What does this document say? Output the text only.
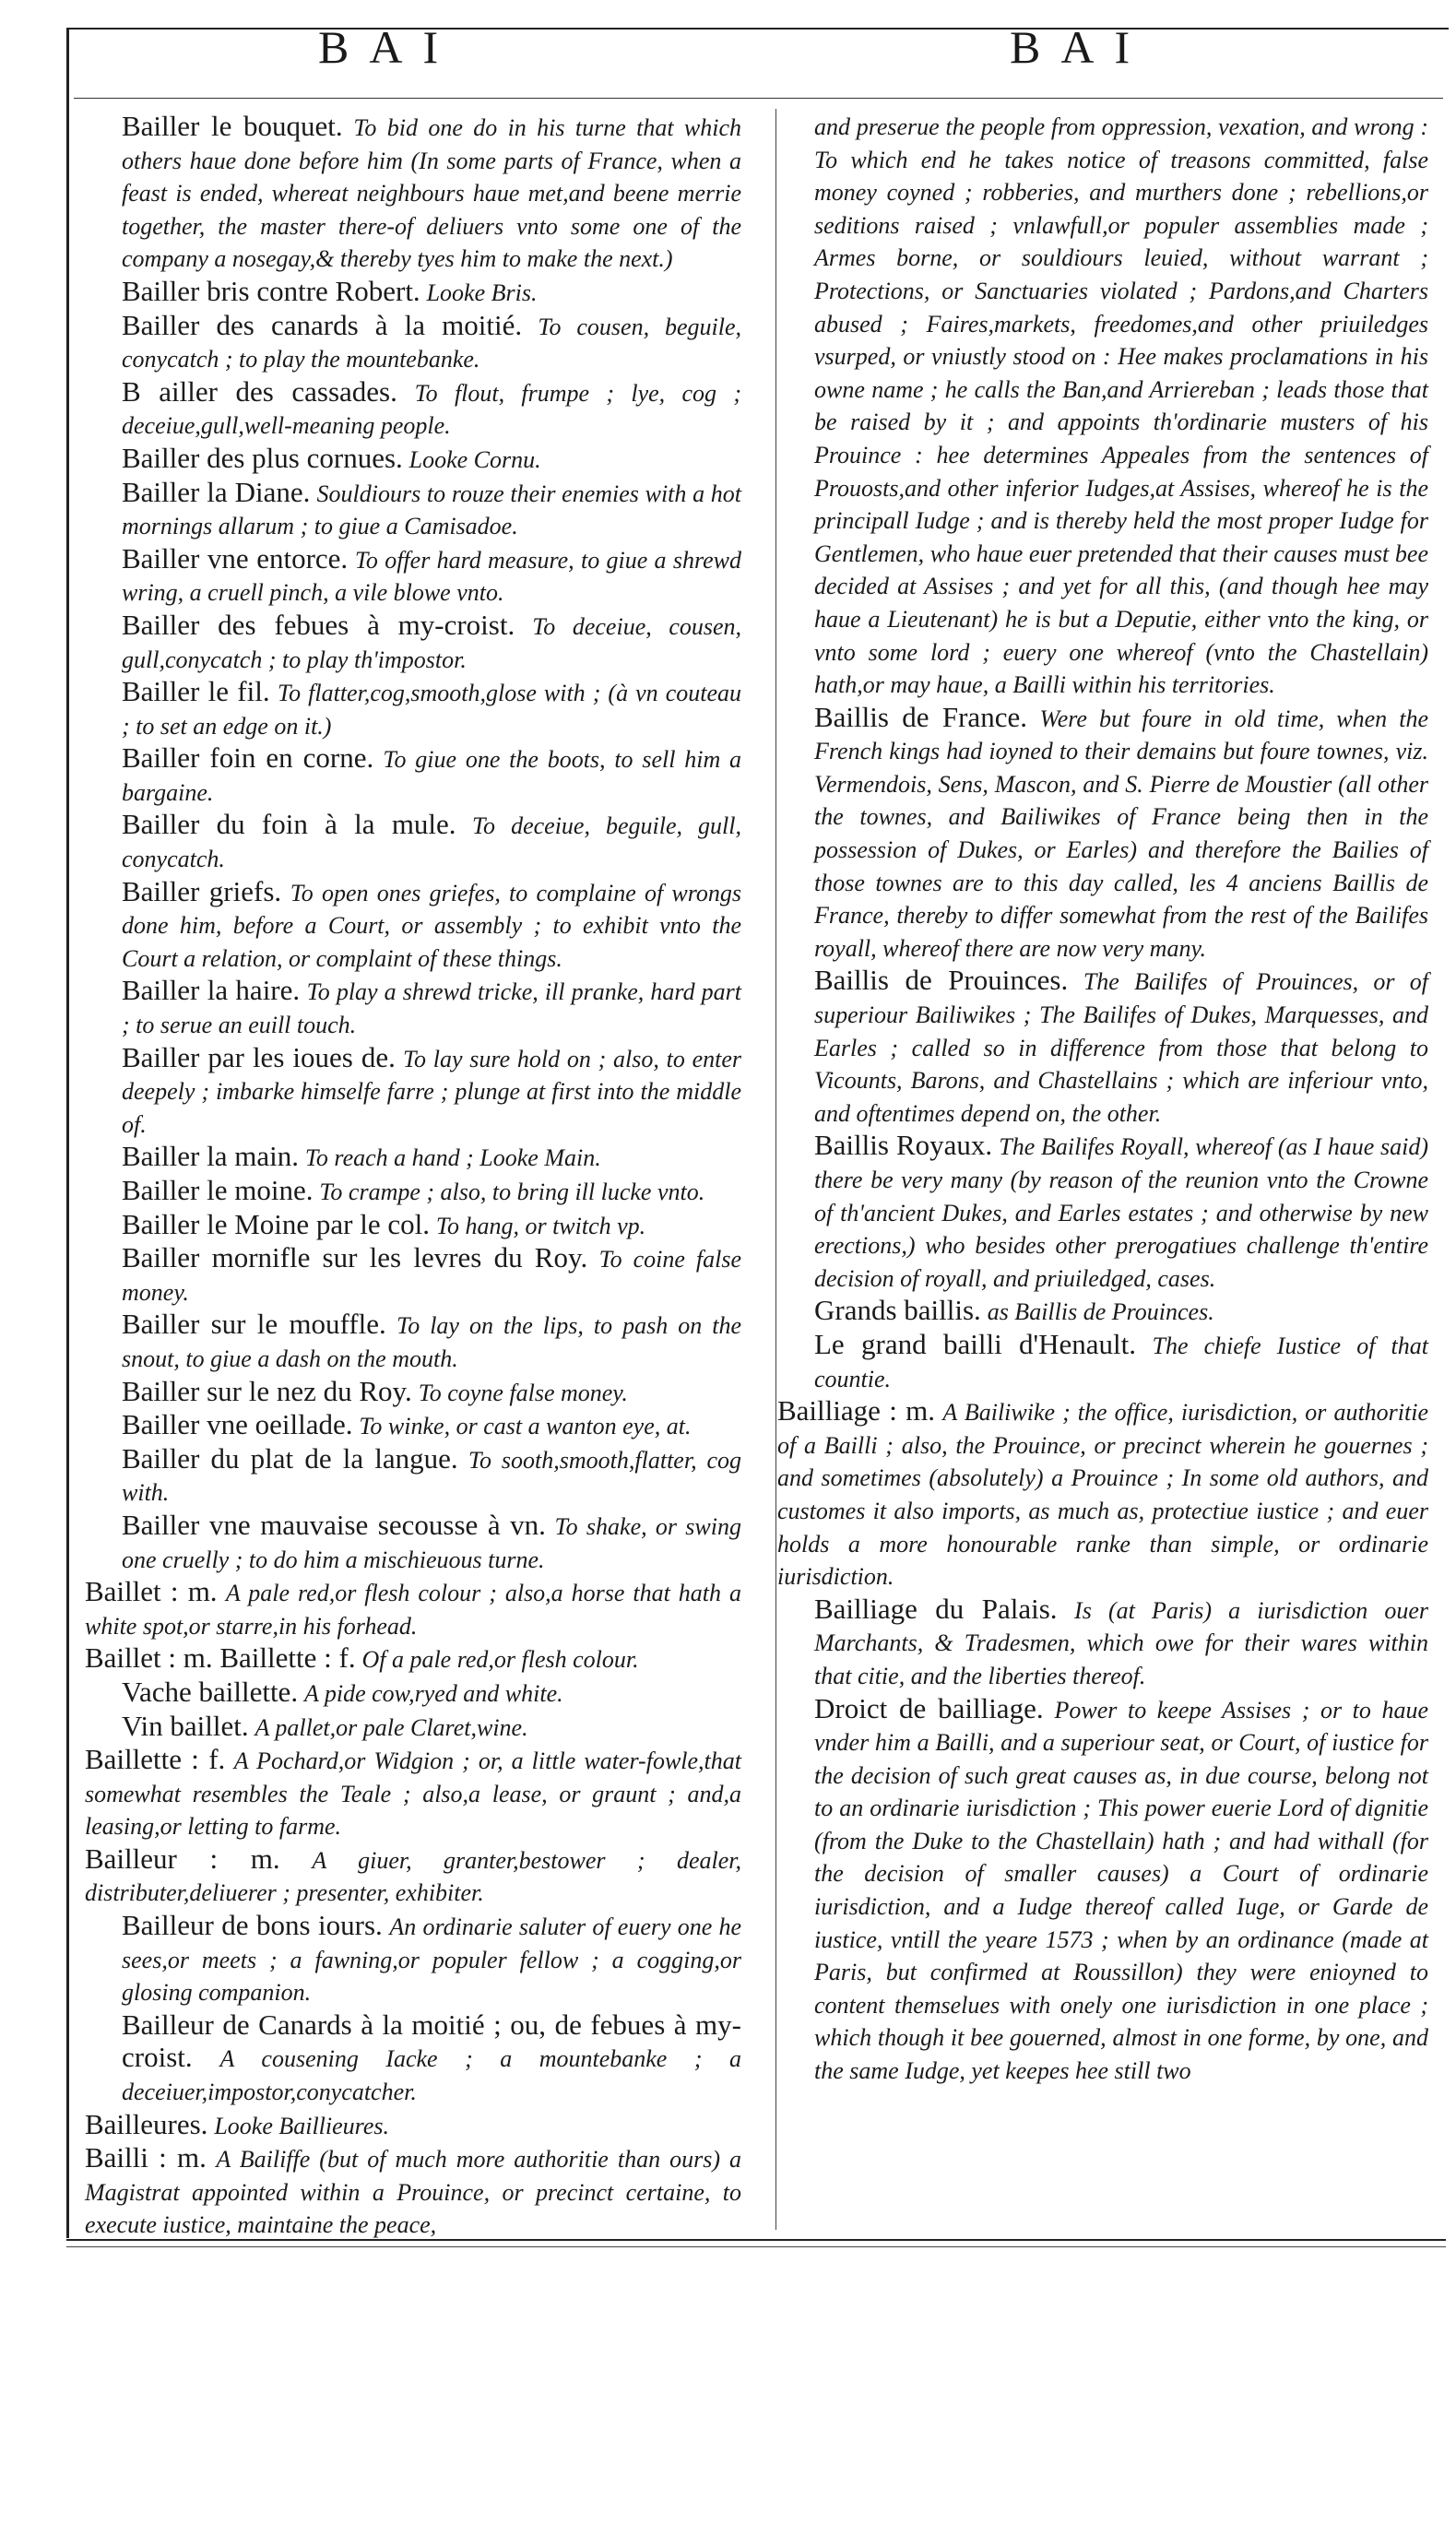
BAI	BAI

Bailler le bouquet. To bid one do in his turne that which others haue done before him (In some parts of France, when a feast is ended, whereat neighbours haue met,and beene merrie together, the master there-of deliuers vnto some one of the company a nosegay,& thereby tyes him to make the next.)

Bailler bris contre Robert. Looke Bris.

Bailler des canards à la moitié. To cousen, beguile, conycatch ; to play the mountebanke.

B ailler des cassades. To flout, frumpe ; lye, cog ; deceiue,gull,well-meaning people.

Bailler des plus cornues. Looke Cornu.

Bailler la Diane. Souldiours to rouze their enemies with a hot mornings allarum ; to giue a Camisadoe.

Bailler vne entorce. To offer hard measure, to giue a shrewd wring, a cruell pinch, a vile blowe vnto.

Bailler des febues à my-croist. To deceiue, cousen, gull,conycatch ; to play th'impostor.

Bailler le fil. To flatter,cog,smooth,glose with ; (à vn couteau ; to set an edge on it.)

Bailler foin en corne. To giue one the boots, to sell him a bargaine.

Bailler du foin à la mule. To deceiue, beguile, gull, conycatch.

Bailler griefs. To open ones griefes, to complaine of wrongs done him, before a Court, or assembly ; to exhibit vnto the Court a relation, or complaint of these things.

Bailler la haire. To play a shrewd tricke, ill pranke, hard part ; to serue an euill touch.

Bailler par les ioues de. To lay sure hold on ; also, to enter deepely ; imbarke himselfe farre ; plunge at first into the middle of.

Bailler la main. To reach a hand ; Looke Main.

Bailler le moine. To crampe ; also, to bring ill lucke vnto.

Bailler le Moine par le col. To hang, or twitch vp.

Bailler mornifle sur les levres du Roy. To coine false money.

Bailler sur le mouffle. To lay on the lips, to pash on the snout, to giue a dash on the mouth.

Bailler sur le nez du Roy. To coyne false money.

Bailler vne oeillade. To winke, or cast a wanton eye, at.

Bailler du plat de la langue. To sooth,smooth,flatter, cog with.

Bailler vne mauvaise secousse à vn. To shake, or swing one cruelly ; to do him a mischieuous turne.

Baillet : m. A pale red,or flesh colour ; also,a horse that hath a white spot,or starre,in his forhead.

Baillet : m. Baillette : f. Of a pale red,or flesh colour.

Vache baillette. A pide cow,ryed and white.

Vin baillet. A pallet,or pale Claret,wine.

Baillette : f. A Pochard,or Widgion ; or, a little water-fowle,that somewhat resembles the Teale ; also,a lease, or graunt ; and,a leasing,or letting to farme.

Bailleur : m. A giuer, granter,bestower ; dealer, distributer,deliuerer ; presenter, exhibiter.

Bailleur de bons iours. An ordinarie saluter of euery one he sees,or meets ; a fawning,or populer fellow ; a cogging,or glosing companion.

Bailleur de Canards à la moitié ; ou, de febues à my-croist. A cousening Iacke ; a mountebanke ; a deceiuer,impostor,conycatcher.

Bailleures. Looke Baillieures.

Bailli : m. A Bailiffe (but of much more authoritie than ours) a Magistrat appointed within a Prouince, or precinct certaine, to execute iustice, maintaine the peace,

and preserue the people from oppression, vexation, and wrong : To which end he takes notice of treasons committed, false money coyned ; robberies, and murthers done ; rebellions,or seditions raised ; vnlawfull,or populer assemblies made ; Armes borne, or souldiours leuied, without warrant ; Protections, or Sanctuaries violated ; Pardons,and Charters abused ; Faires,markets, freedomes,and other priuiledges vsurped, or vniustly stood on : Hee makes proclamations in his owne name ; he calls the Ban,and Arriereban ; leads those that be raised by it ; and appoints th'ordinarie musters of his Prouince : hee determines Appeales from the sentences of Prouosts,and other inferior Iudges,at Assises, whereof he is the principall Iudge ; and is thereby held the most proper Iudge for Gentlemen, who haue euer pretended that their causes must bee decided at Assises ; and yet for all this, (and though hee may haue a Lieutenant) he is but a Deputie, either vnto the king, or vnto some lord ; euery one whereof (vnto the Chastellain) hath,or may haue, a Bailli within his territories.

Baillis de France. Were but foure in old time, when the French kings had ioyned to their demains but foure townes, viz. Vermendois, Sens, Mascon, and S. Pierre de Moustier (all other the townes, and Bailiwikes of France being then in the possession of Dukes, or Earles) and therefore the Bailies of those townes are to this day called, les 4 anciens Baillis de France, thereby to differ somewhat from the rest of the Bailifes royall, whereof there are now very many.

Baillis de Prouinces. The Bailifes of Prouinces, or of superiour Bailiwikes ; The Bailifes of Dukes, Marquesses, and Earles ; called so in difference from those that belong to Vicounts, Barons, and Chastellains ; which are inferiour vnto, and oftentimes depend on, the other.

Baillis Royaux. The Bailifes Royall, whereof (as I haue said) there be very many (by reason of the reunion vnto the Crowne of th'ancient Dukes, and Earles estates ; and otherwise by new erections,) who besides other prerogatiues challenge th'entire decision of royall, and priuiledged, cases.

Grands baillis. as Baillis de Prouinces.

Le grand bailli d'Henault. The chiefe Iustice of that countie.

Bailliage : m. A Bailiwike ; the office, iurisdiction, or authoritie of a Bailli ; also, the Prouince, or precinct wherein he gouernes ; and sometimes (absolutely) a Prouince ; In some old authors, and customes it also imports, as much as, protectiue iustice ; and euer holds a more honourable ranke than simple, or ordinarie iurisdiction.

Bailliage du Palais. Is (at Paris) a iurisdiction ouer Marchants, & Tradesmen, which owe for their wares within that citie, and the liberties thereof.

Droict de bailliage. Power to keepe Assises ; or to haue vnder him a Bailli, and a superiour seat, or Court, of iustice for the decision of such great causes as, in due course, belong not to an ordinarie iurisdiction ; This power euerie Lord of dignitie (from the Duke to the Chastellain) hath ; and had withall (for the decision of smaller causes) a Court of ordinarie iurisdiction, and a Iudge thereof called Iuge, or Garde de iustice, vntill the yeare 1573 ; when by an ordinance (made at Paris, but confirmed at Roussillon) they were enioyned to content themselues with onely one iurisdiction in one place ; which though it bee gouerned, almost in one forme, by one, and the same Iudge, yet keepes hee still two
